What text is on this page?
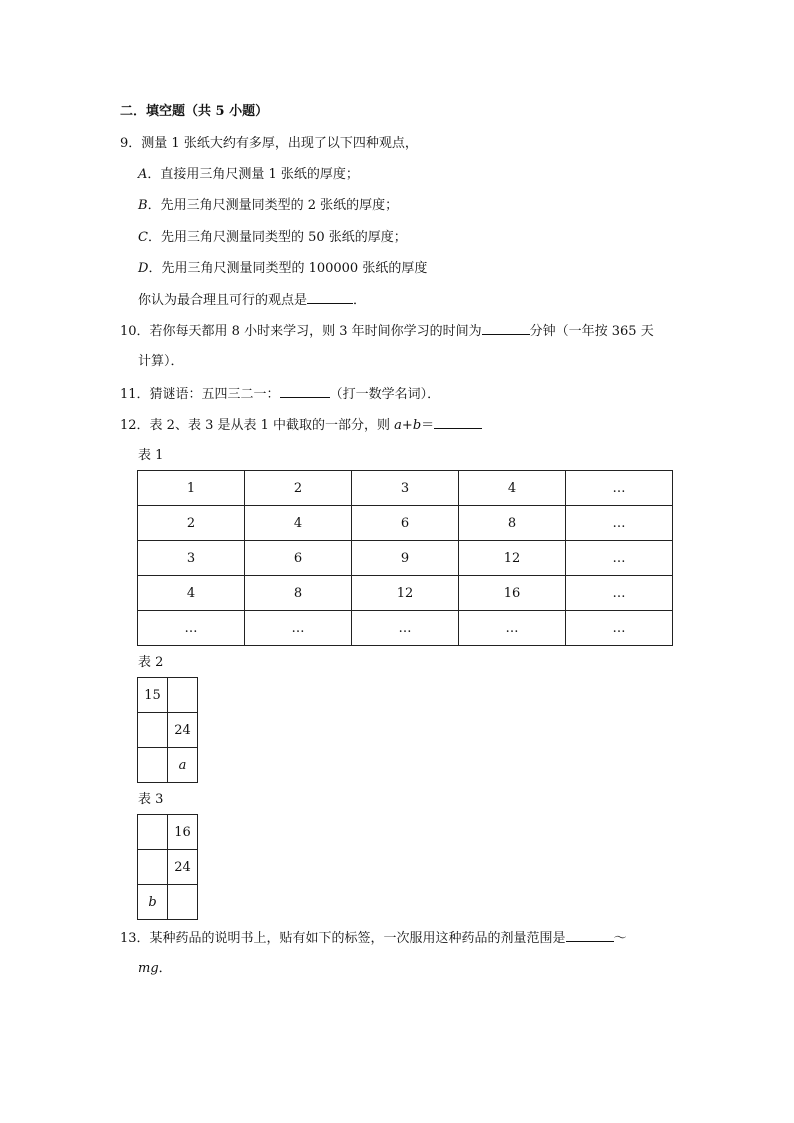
二．填空题（共 5 小题）
9．测量 1 张纸大约有多厚，出现了以下四种观点，
A．直接用三角尺测量 1 张纸的厚度；
B．先用三角尺测量同类型的 2 张纸的厚度；
C．先用三角尺测量同类型的 50 张纸的厚度；
D．先用三角尺测量同类型的 100000 张纸的厚度
你认为最合理且可行的观点是	．
10．若你每天都用 8 小时来学习，则 3 年时间你学习的时间为	分钟（一年按 365 天
计算）．
11．猜谜语：五四三二一：	（打一数学名词）．
12．表 2、表 3 是从表 1 中截取的一部分，则 a+b＝
表 1
1	2	3	4	…
2	4	6	8	…
3	6	9	12	…
4	8	12	16	…
…	…	…	…	…
表 2
15	
	24
	a
表 3
	16
	24
b	
13．某种药品的说明书上，贴有如下的标签，一次服用这种药品的剂量范围是	～
mg．
